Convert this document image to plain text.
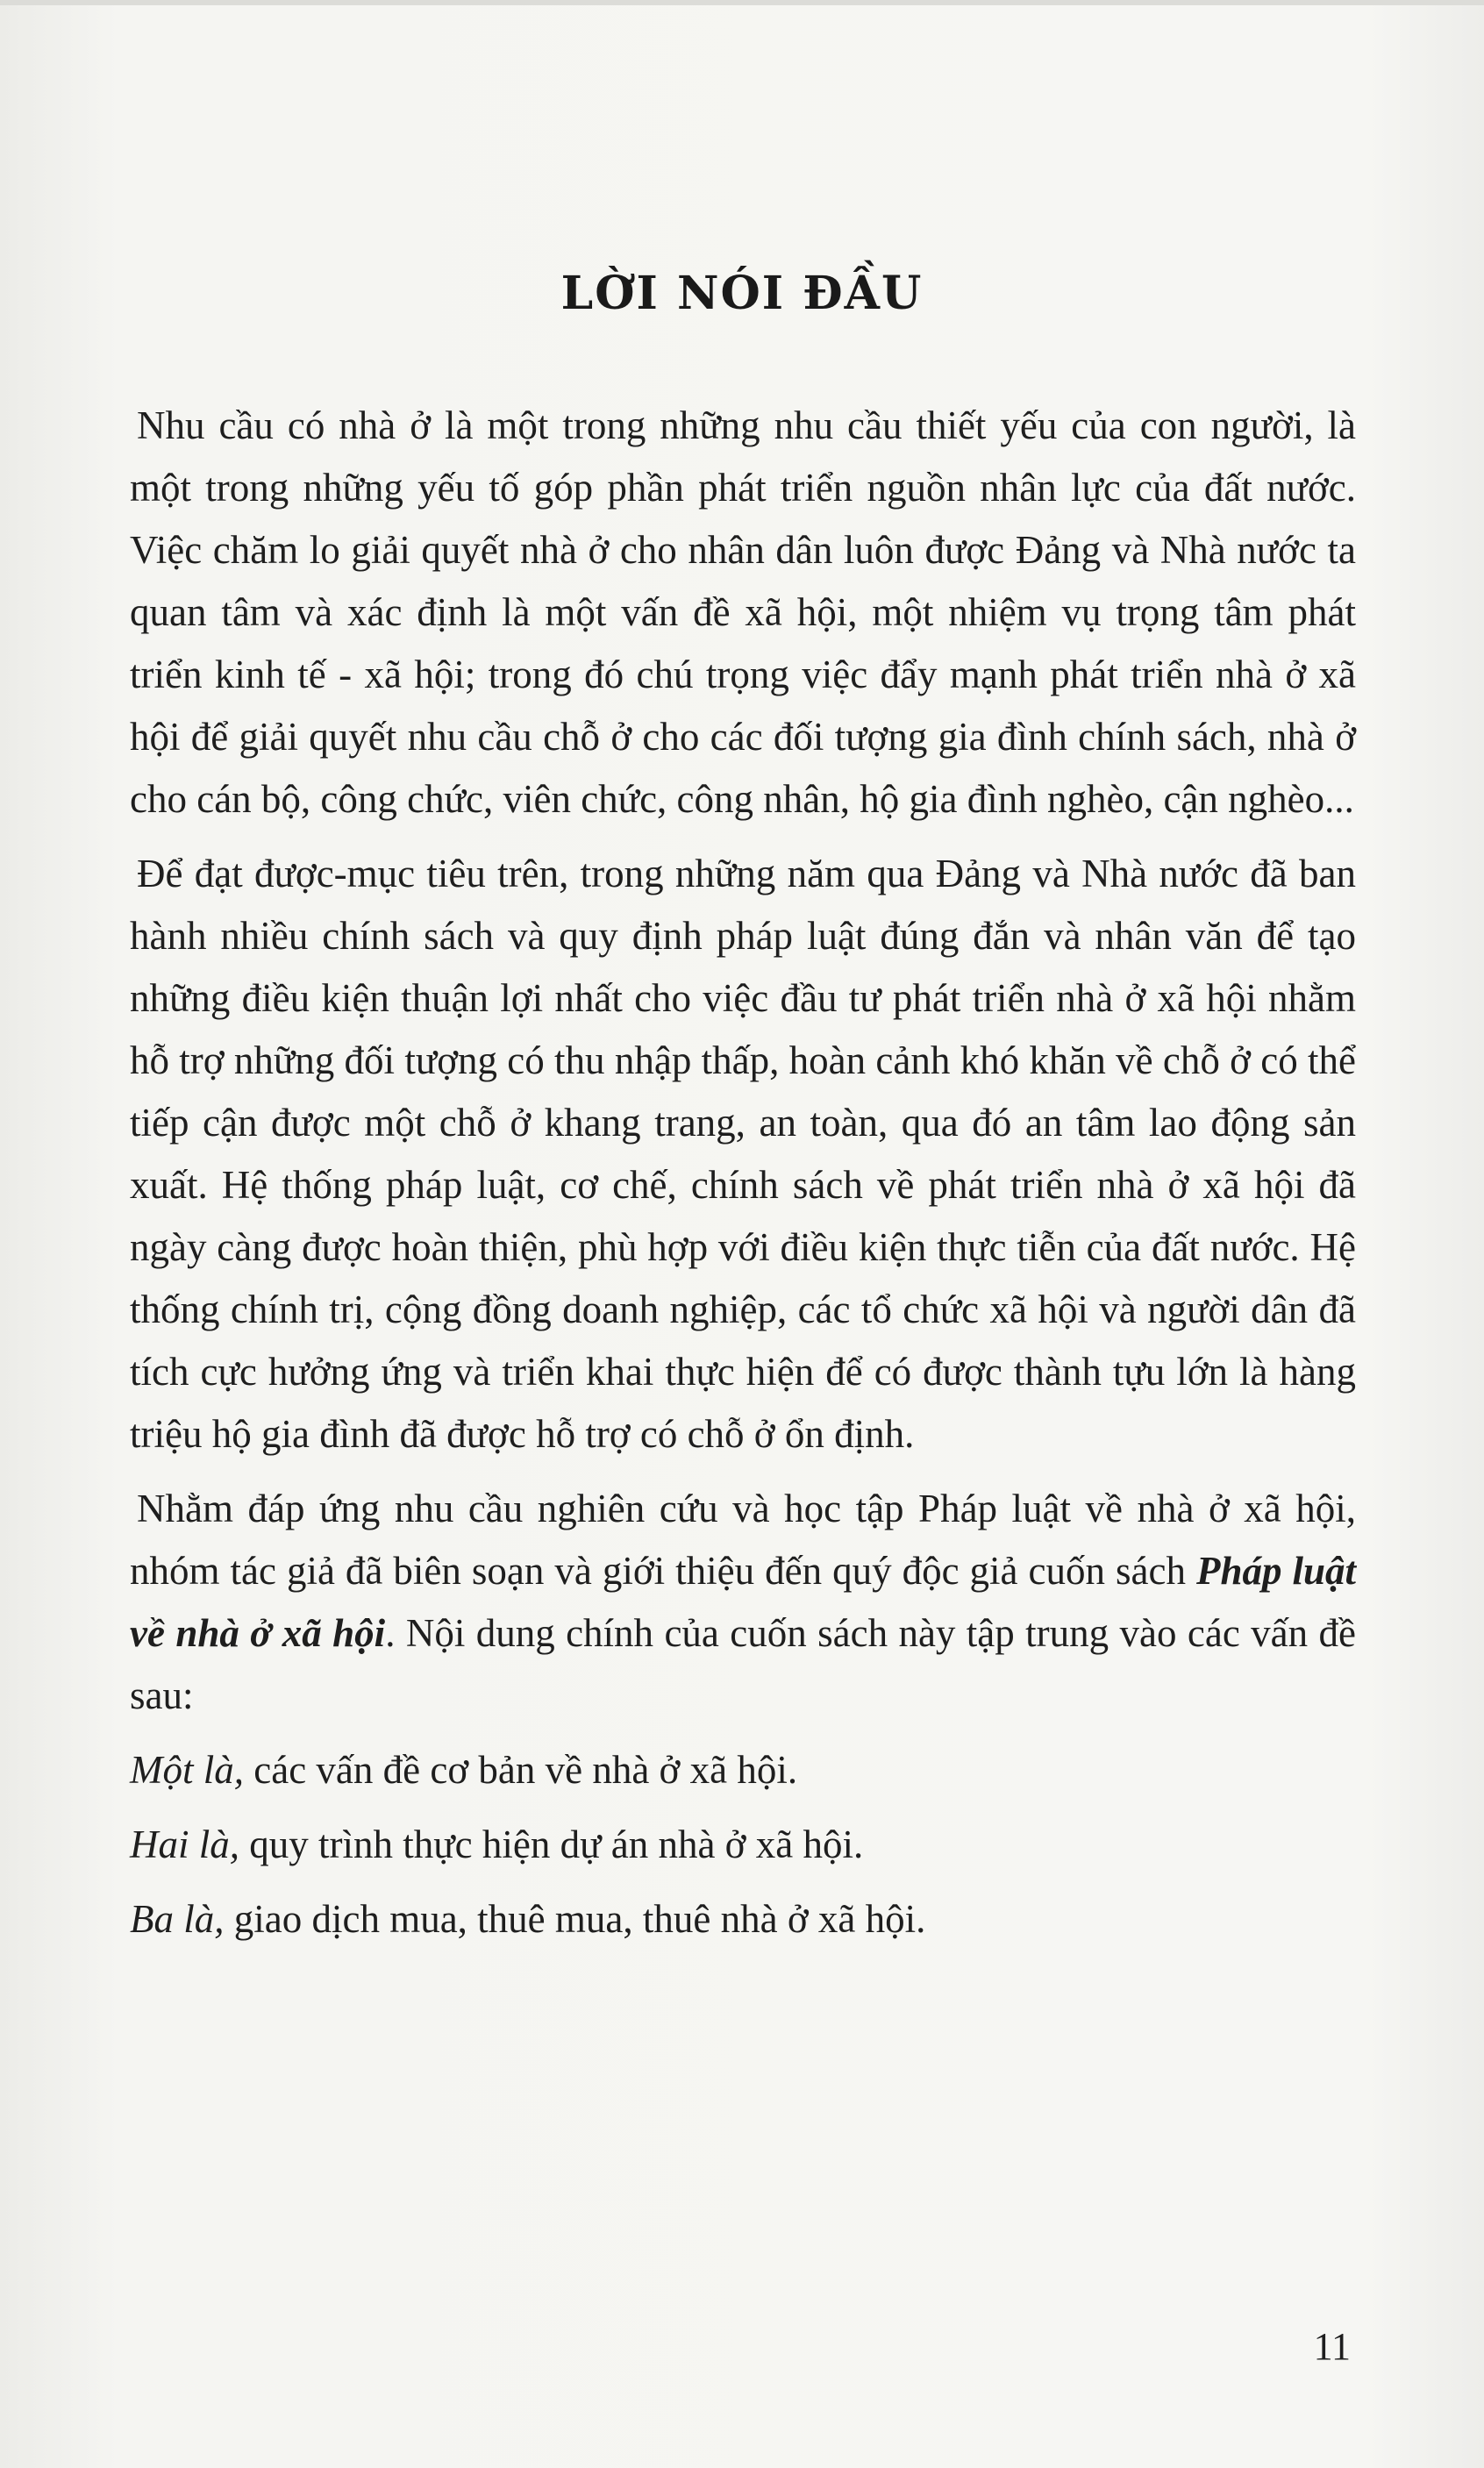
LỜI NÓI ĐẦU

Nhu cầu có nhà ở là một trong những nhu cầu thiết yếu của con người, là một trong những yếu tố góp phần phát triển nguồn nhân lực của đất nước. Việc chăm lo giải quyết nhà ở cho nhân dân luôn được Đảng và Nhà nước ta quan tâm và xác định là một vấn đề xã hội, một nhiệm vụ trọng tâm phát triển kinh tế - xã hội; trong đó chú trọng việc đẩy mạnh phát triển nhà ở xã hội để giải quyết nhu cầu chỗ ở cho các đối tượng gia đình chính sách, nhà ở cho cán bộ, công chức, viên chức, công nhân, hộ gia đình nghèo, cận nghèo...

Để đạt được-mục tiêu trên, trong những năm qua Đảng và Nhà nước đã ban hành nhiều chính sách và quy định pháp luật đúng đắn và nhân văn để tạo những điều kiện thuận lợi nhất cho việc đầu tư phát triển nhà ở xã hội nhằm hỗ trợ những đối tượng có thu nhập thấp, hoàn cảnh khó khăn về chỗ ở có thể tiếp cận được một chỗ ở khang trang, an toàn, qua đó an tâm lao động sản xuất. Hệ thống pháp luật, cơ chế, chính sách về phát triển nhà ở xã hội đã ngày càng được hoàn thiện, phù hợp với điều kiện thực tiễn của đất nước. Hệ thống chính trị, cộng đồng doanh nghiệp, các tổ chức xã hội và người dân đã tích cực hưởng ứng và triển khai thực hiện để có được thành tựu lớn là hàng triệu hộ gia đình đã được hỗ trợ có chỗ ở ổn định.

Nhằm đáp ứng nhu cầu nghiên cứu và học tập Pháp luật về nhà ở xã hội, nhóm tác giả đã biên soạn và giới thiệu đến quý độc giả cuốn sách Pháp luật về nhà ở xã hội. Nội dung chính của cuốn sách này tập trung vào các vấn đề sau:

Một là, các vấn đề cơ bản về nhà ở xã hội.

Hai là, quy trình thực hiện dự án nhà ở xã hội.

Ba là, giao dịch mua, thuê mua, thuê nhà ở xã hội.

11
